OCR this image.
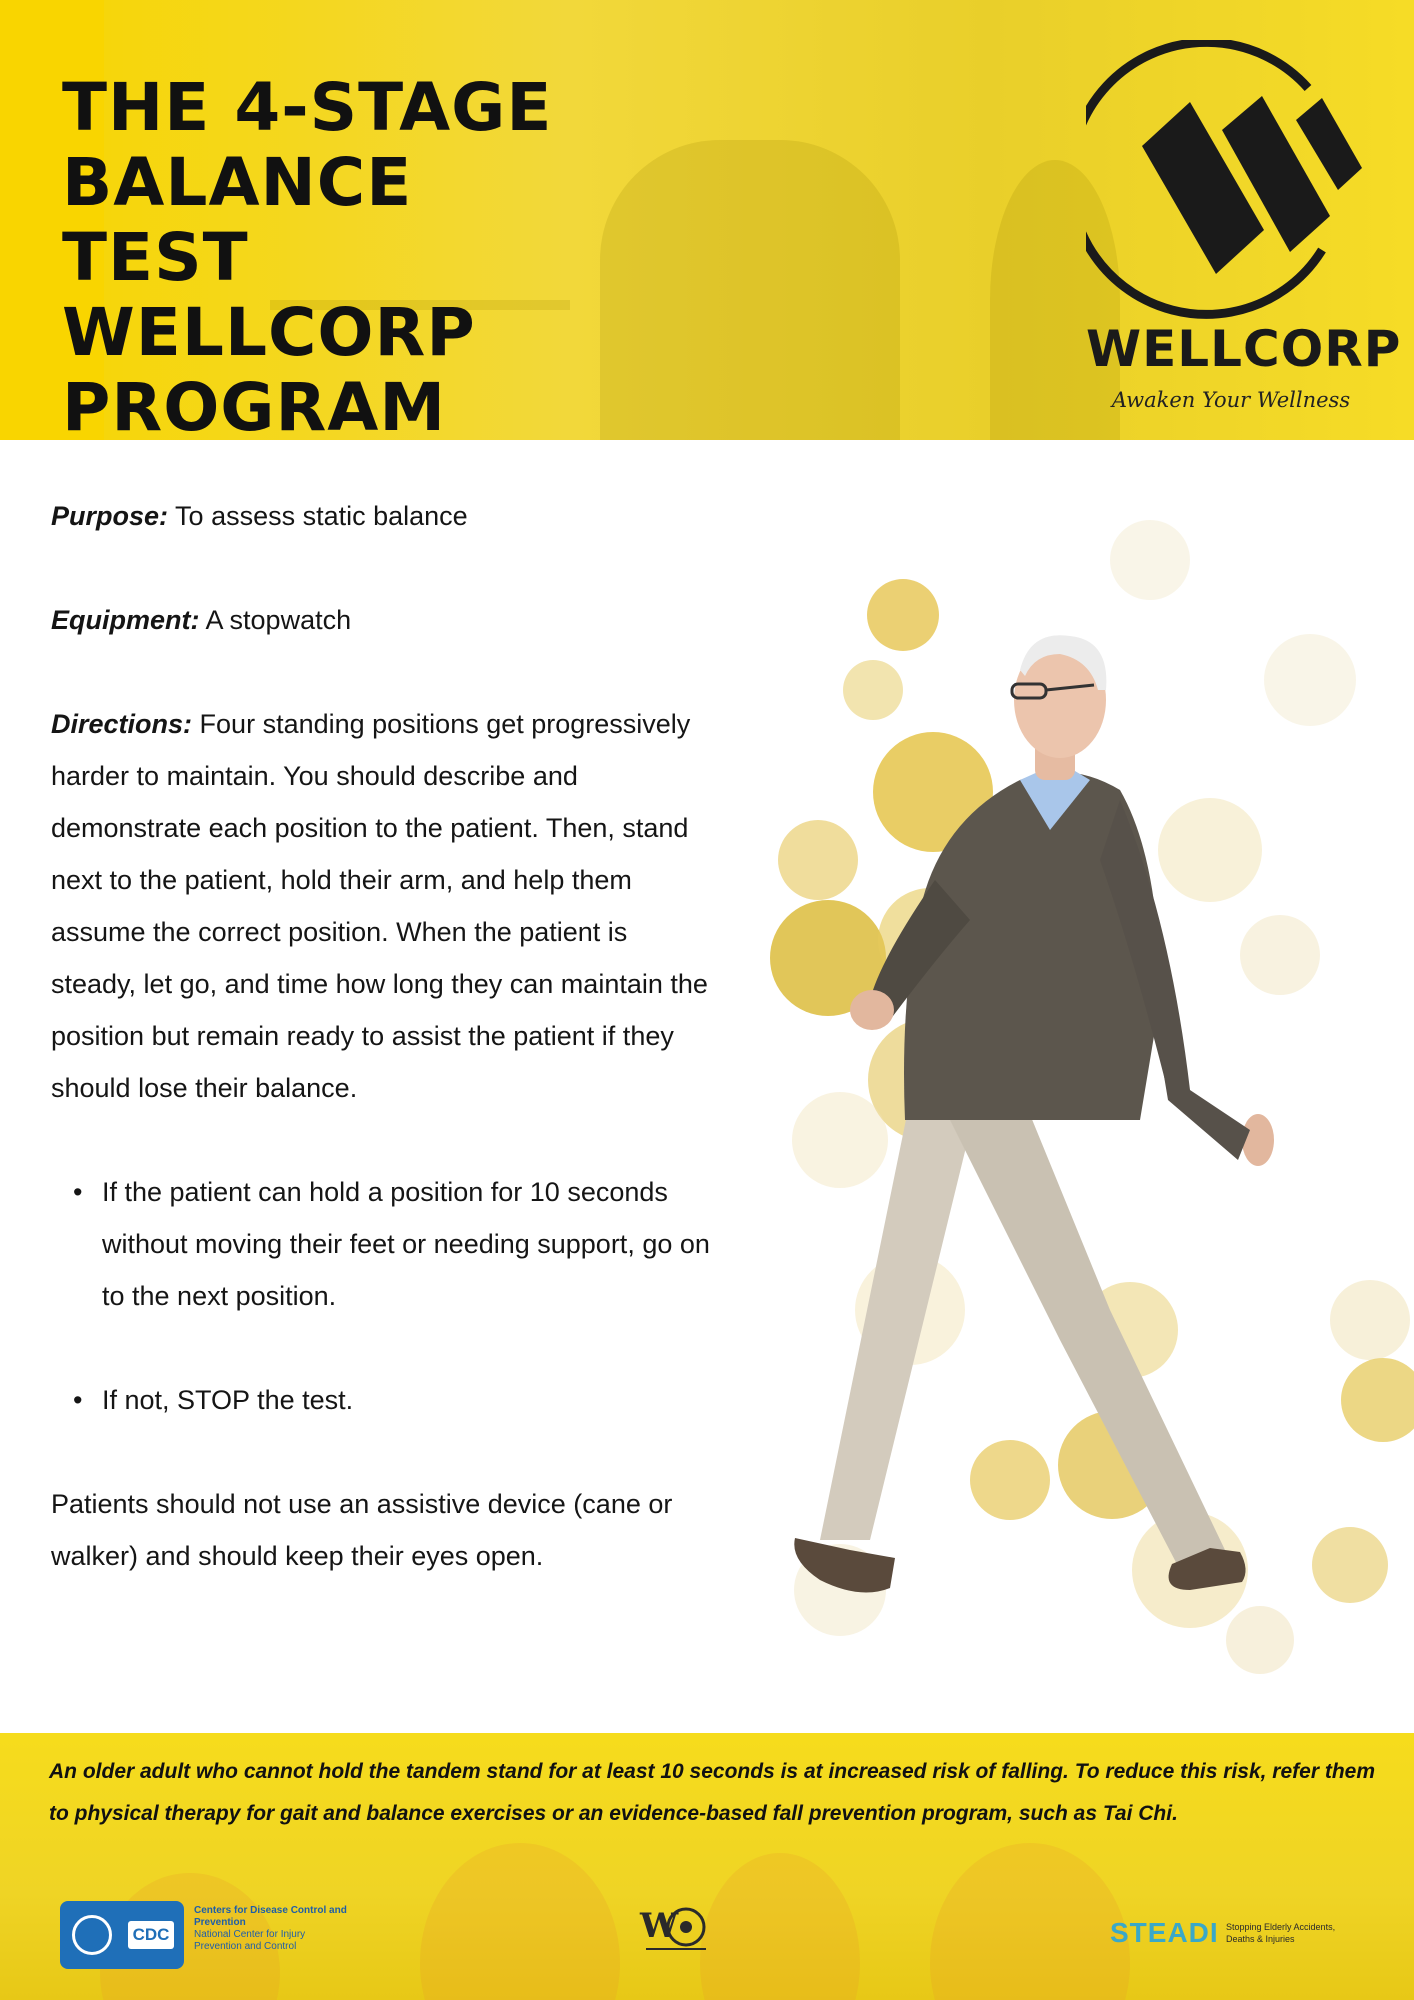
THE 4-STAGE
BALANCE TEST
WELLCORP
PROGRAM
WELLCORP
Awaken Your Wellness

Purpose: To assess static balance

Equipment: A stopwatch

Directions: Four standing positions get progressively harder to maintain. You should describe and demonstrate each position to the patient. Then, stand next to the patient, hold their arm, and help them assume the correct position. When the patient is steady, let go, and time how long they can maintain the position but remain ready to assist the patient if they should lose their balance.

• If the patient can hold a position for 10 seconds without moving their feet or needing support, go on to the next position.
• If not, STOP the test.

Patients should not use an assistive device (cane or walker) and should keep their eyes open.

An older adult who cannot hold the tandem stand for at least 10 seconds is at increased risk of falling. To reduce this risk, refer them to physical therapy for gait and balance exercises or an evidence-based fall prevention program, such as Tai Chi.

CDC
Centers for Disease Control and Prevention
National Center for Injury Prevention and Control
W	STEADI Stopping Elderly Accidents, Deaths & Injuries
